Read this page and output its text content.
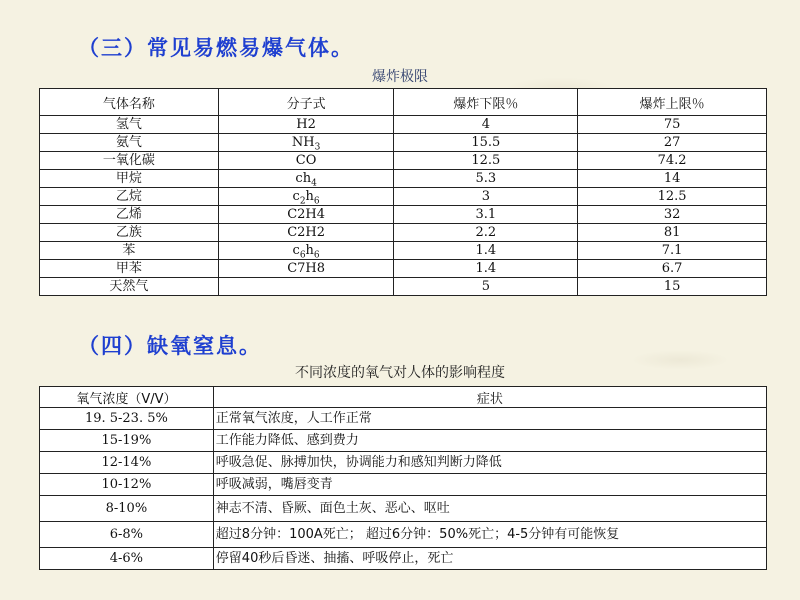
（三）常见易燃易爆气体。
爆炸极限
气体名称	分子式	爆炸下限％	爆炸上限％
氢气	H2	4	75
氨气	$NH_3$	15.5	27
一氧化碳	CO	12.5	74.2
甲烷	$ch_4$	5.3	14
乙烷	$c_2h_6$	3	12.5
乙烯	C2H4	3.1	32
乙族	C2H2	2.2	81
苯	$c_6h_6$	1.4	7.1
甲苯	C7H8	1.4	6.7
天然气		5	15
（四）缺氧窒息。
不同浓度的氧气对人体的影响程度
氧气浓度（V/V）	症状
19. 5-23. 5%	正常氧气浓度，人工作正常
15-19%	工作能力降低、感到费力
12-14%	呼吸急促、脉搏加快，协调能力和感知判断力降低
10-12%	呼吸减弱，嘴唇变青
8-10%	神志不清、昏厥、面色土灰、恶心、呕吐
6-8%	超过8分钟：100A死亡； 超过6分钟：50%死亡；4-5分钟有可能恢复
4-6%	停留40秒后昏迷、抽搐、呼吸停止，死亡
